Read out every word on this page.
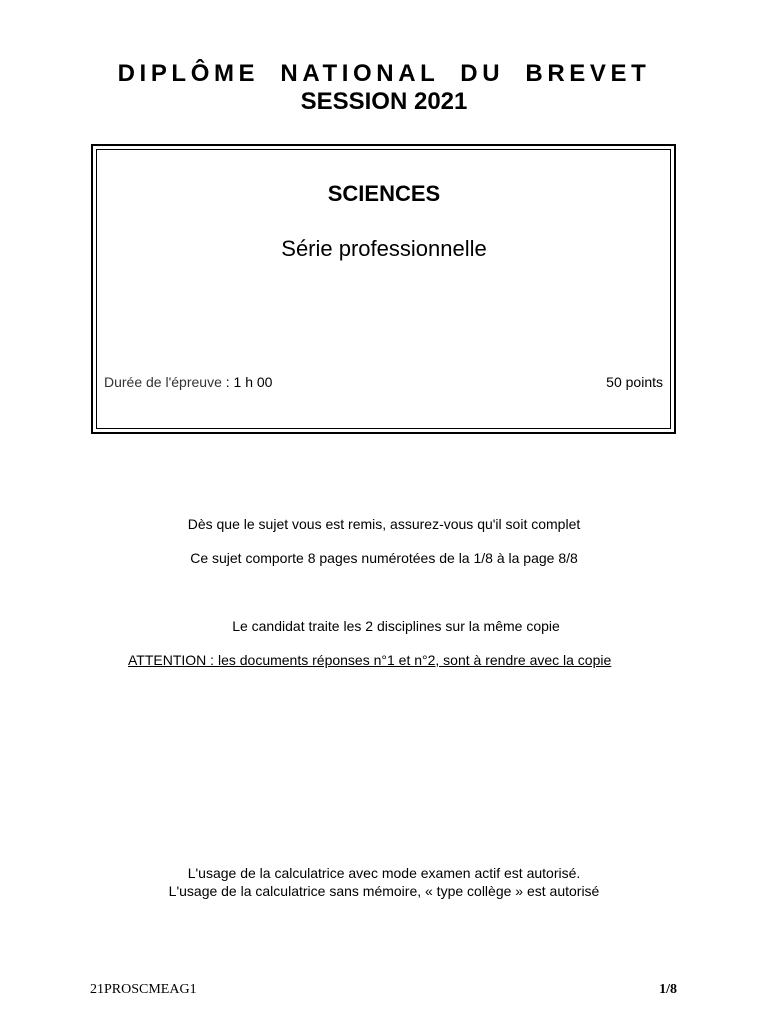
DIPLÔME NATIONAL DU BREVET
SESSION 2021
SCIENCES
Série professionnelle
Durée de l'épreuve : 1 h 00	50 points
Dès que le sujet vous est remis, assurez-vous qu'il soit complet
Ce sujet comporte 8 pages numérotées de la 1/8 à la page 8/8
Le candidat traite les 2 disciplines sur la même copie
ATTENTION : les documents réponses n°1 et n°2, sont à rendre avec la copie
L'usage de la calculatrice avec mode examen actif est autorisé.
L'usage de la calculatrice sans mémoire, « type collège » est autorisé
21PROSCMEAG1	1/8
